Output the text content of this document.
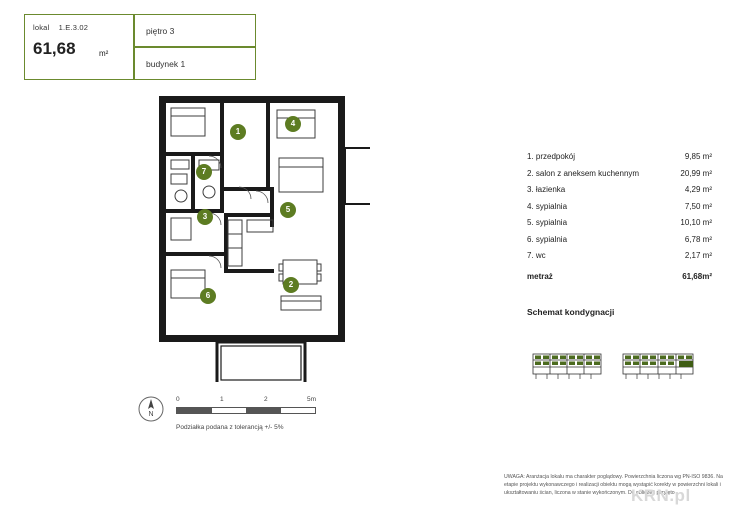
lokal 1.E.3.02
61,68	m²
piętro 3
budynek 1
1
4
7
3
5
2
6
N
0	1	2	5m
Podziałka podana z tolerancją +/- 5%
1. przedpokój	9,85 m²
2. salon z aneksem kuchennym	20,99 m²
3. łazienka	4,29 m²
4. sypialnia	7,50 m²
5. sypialnia	10,10 m²
6. sypialnia	6,78 m²
7. wc	2,17 m²
metraż	61,68m²
Schemat kondygnacji
UWAGA: Aranżacja lokalu ma charakter poglądowy. Powierzchnia liczona wg PN-ISO 9836. Na etapie projektu wykonawczego i realizacji obiektu mogą wystąpić korekty w powierzchni lokali i ukształtowaniu ścian, liczona w stanie wykończonym. Do obliczeń przyjęto
KRN.pl
